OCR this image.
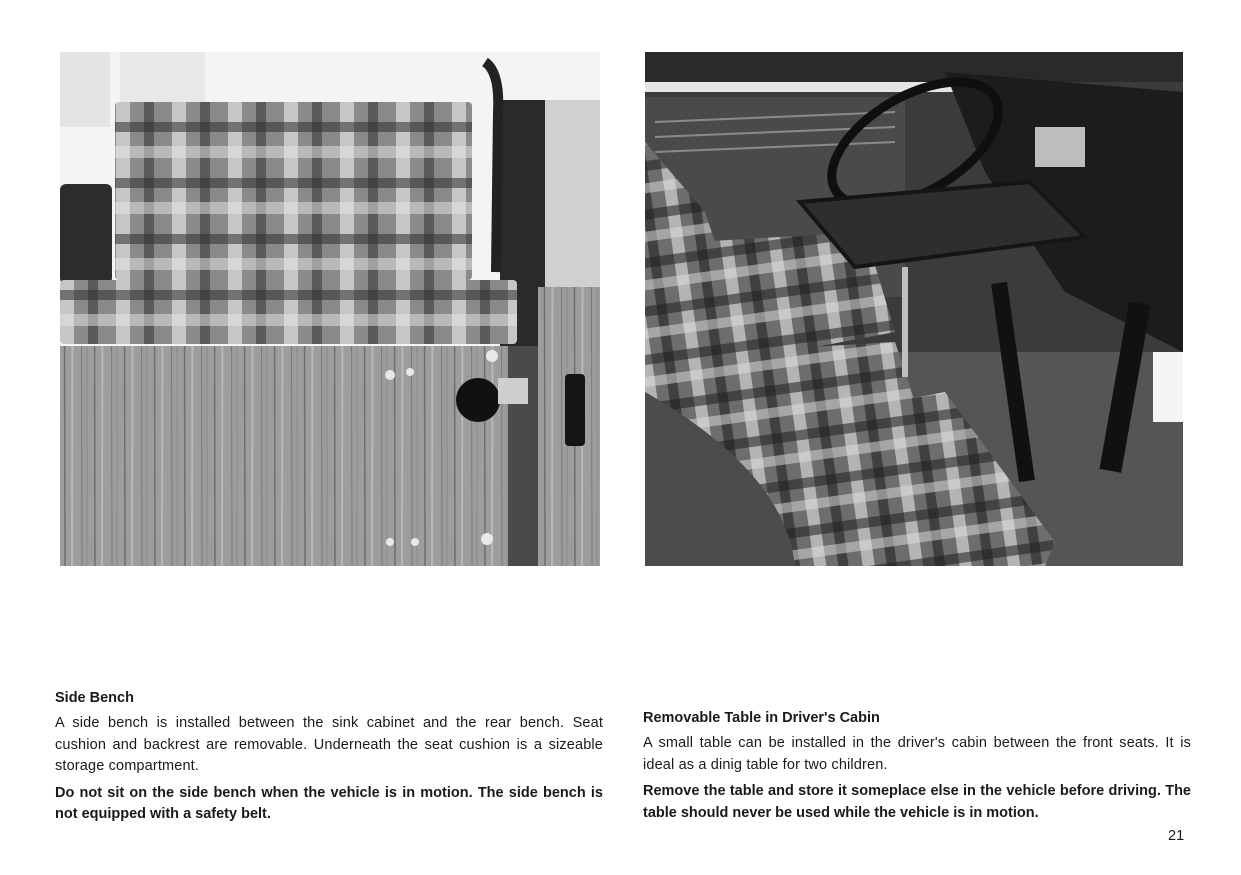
Side Bench

A side bench is installed between the sink cabinet and the rear bench. Seat cushion and backrest are removable. Underneath the seat cushion is a sizeable storage compartment.

Do not sit on the side bench when the vehicle is in motion. The side bench is not equipped with a safety belt.

Removable Table in Driver's Cabin

A small table can be installed in the driver's cabin between the front seats. It is ideal as a dinig table for two children.

Remove the table and store it someplace else in the vehicle before driving. The table should never be used while the vehicle is in motion.

21
